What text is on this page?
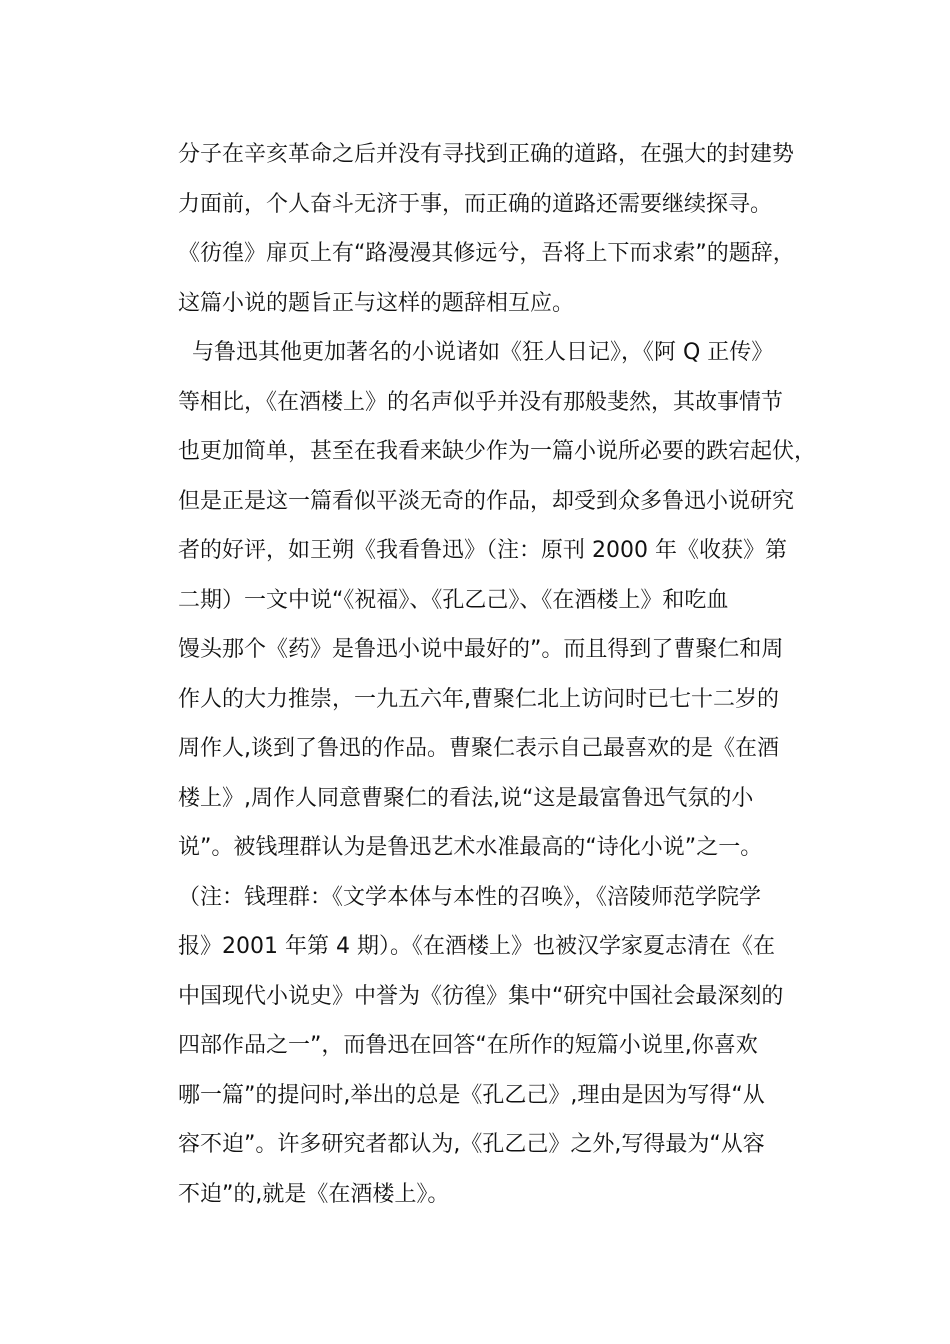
分子在辛亥革命之后并没有寻找到正确的道路，在强大的封建势
力面前，个人奋斗无济于事，而正确的道路还需要继续探寻。
《彷徨》扉页上有“路漫漫其修远兮，吾将上下而求索”的题辞，
这篇小说的题旨正与这样的题辞相互应。
与鲁迅其他更加著名的小说诸如《狂人日记》，《阿 Q 正传》
等相比，《在酒楼上》的名声似乎并没有那般斐然，其故事情节
也更加简单，甚至在我看来缺少作为一篇小说所必要的跌宕起伏，
但是正是这一篇看似平淡无奇的作品，却受到众多鲁迅小说研究
者的好评，如王朔《我看鲁迅》（注：原刊 2000 年《收获》第
二期）一文中说“《祝福》、《孔乙己》、《在酒楼上》和吃血
馒头那个《药》是鲁迅小说中最好的”。而且得到了曹聚仁和周
作人的大力推崇，一九五六年,曹聚仁北上访问时已七十二岁的
周作人,谈到了鲁迅的作品。曹聚仁表示自己最喜欢的是《在酒
楼上》,周作人同意曹聚仁的看法,说“这是最富鲁迅气氛的小
说”。被钱理群认为是鲁迅艺术水准最高的“诗化小说”之一。
（注：钱理群：《文学本体与本性的召唤》，《涪陵师范学院学
报》2001 年第 4 期）。《在酒楼上》也被汉学家夏志清在《在
中国现代小说史》中誉为《彷徨》集中“研究中国社会最深刻的
四部作品之一”，而鲁迅在回答“在所作的短篇小说里,你喜欢
哪一篇”的提问时,举出的总是《孔乙己》,理由是因为写得“从
容不迫”。许多研究者都认为,《孔乙己》之外,写得最为“从容
不迫”的,就是《在酒楼上》。
